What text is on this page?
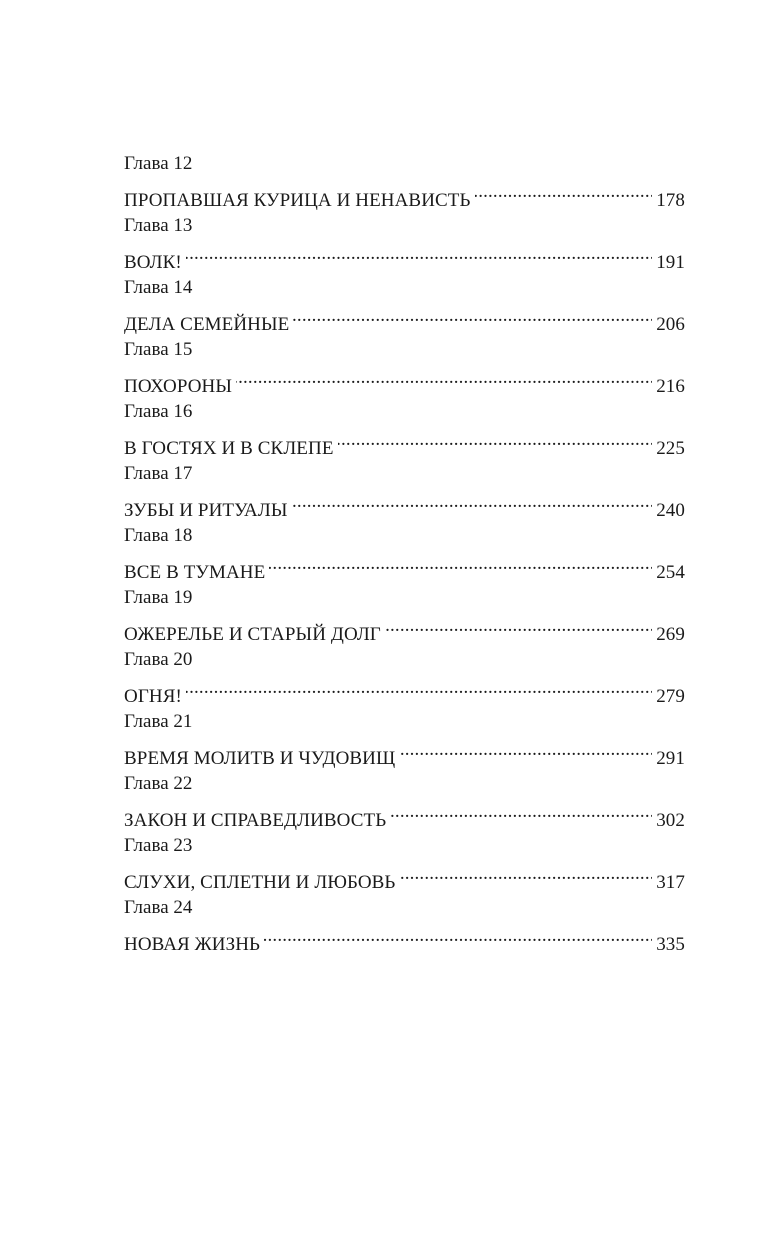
Глава 12
ПРОПАВШАЯ КУРИЦА И НЕНАВИСТЬ . . .	178
Глава 13
ВОЛК! . . .	191
Глава 14
ДЕЛА СЕМЕЙНЫЕ . . .	206
Глава 15
ПОХОРОНЫ . . .	216
Глава 16
В ГОСТЯХ И В СКЛЕПЕ . . .	225
Глава 17
ЗУБЫ И РИТУАЛЫ . . .	240
Глава 18
ВСЕ В ТУМАНЕ . . .	254
Глава 19
ОЖЕРЕЛЬЕ И СТАРЫЙ ДОЛГ . . .	269
Глава 20
ОГНЯ! . . .	279
Глава 21
ВРЕМЯ МОЛИТВ И ЧУДОВИЩ . . .	291
Глава 22
ЗАКОН И СПРАВЕДЛИВОСТЬ . . .	302
Глава 23
СЛУХИ, СПЛЕТНИ И ЛЮБОВЬ . . .	317
Глава 24
НОВАЯ ЖИЗНЬ . . .	335
